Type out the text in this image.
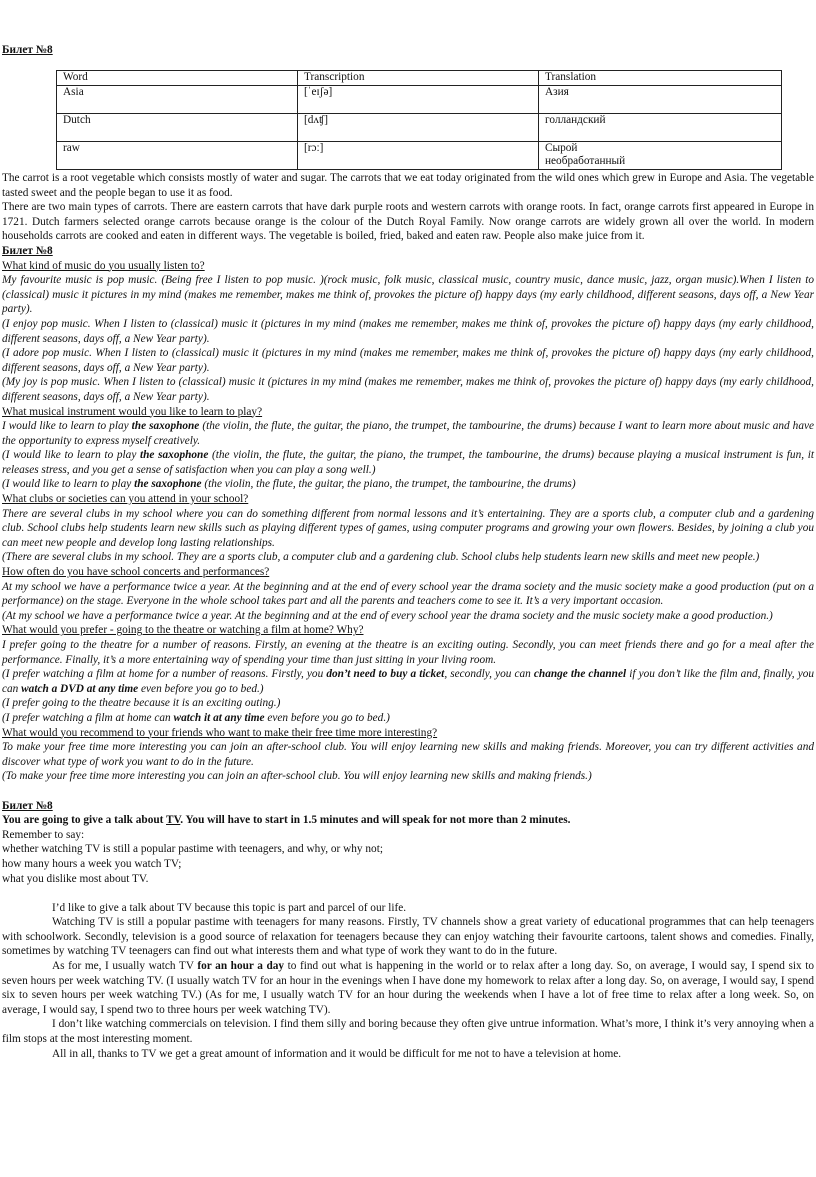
Билет №8

Word	Transcription	Translation
Asia	[ˈeɪʃə]	Азия
Dutch	[dʌʧ]	голландский
raw	[rɔː]	Сырой
необработанный

The carrot is a root vegetable which consists mostly of water and sugar. The carrots that we eat today originated from the wild ones which grew in Europe and Asia. The vegetable tasted sweet and the people began to use it as food.

There are two main types of carrots. There are eastern carrots that have dark purple roots and western carrots with orange roots. In fact, orange carrots first appeared in Europe in 1721. Dutch farmers selected orange carrots because orange is the colour of the Dutch Royal Family. Now orange carrots are widely grown all over the world. In modern households carrots are cooked and eaten in different ways. The vegetable is boiled, fried, baked and eaten raw. People also make juice from it.

Билет №8

What kind of music do you usually listen to?

My favourite music is pop music. (Being free I listen to pop music. )(rock music, folk music, classical music, country music, dance music, jazz, organ music).When I listen to (classical) music it pictures in my mind (makes me remember, makes me think of, provokes the picture of) happy days (my early childhood, different seasons, days off, a New Year party).

(I enjoy pop music. When I listen to (classical) music it (pictures in my mind (makes me remember, makes me think of, provokes the picture of) happy days (my early childhood, different seasons, days off, a New Year party).

(I adore pop music. When I listen to (classical) music it (pictures in my mind (makes me remember, makes me think of, provokes the picture of) happy days (my early childhood, different seasons, days off, a New Year party).

(My joy is pop music. When I listen to (classical) music it (pictures in my mind (makes me remember, makes me think of, provokes the picture of) happy days (my early childhood, different seasons, days off, a New Year party).

What musical instrument would you like to learn to play?

I would like to learn to play the saxophone (the violin, the flute, the guitar, the piano, the trumpet, the tambourine, the drums) because I want to learn more about music and have the opportunity to express myself creatively.

(I would like to learn to play the saxophone (the violin, the flute, the guitar, the piano, the trumpet, the tambourine, the drums) because playing a musical instrument is fun, it releases stress, and you get a sense of satisfaction when you can play a song well.)

(I would like to learn to play the saxophone (the violin, the flute, the guitar, the piano, the trumpet, the tambourine, the drums)

What clubs or societies can you attend in your school?

There are several clubs in my school where you can do something different from normal lessons and it’s entertaining. They are a sports club, a computer club and a gardening club. School clubs help students learn new skills such as playing different types of games, using computer programs and growing your own flowers. Besides, by joining a club you can meet new people and develop long lasting relationships.

(There are several clubs in my school. They are a sports club, a computer club and a gardening club. School clubs help students learn new skills and meet new people.)

How often do you have school concerts and performances?

At my school we have a performance twice a year. At the beginning and at the end of every school year the drama society and the music society make a good production (put on a performance) on the stage. Everyone in the whole school takes part and all the parents and teachers come to see it. It’s a very important occasion.

(At my school we have a performance twice a year. At the beginning and at the end of every school year the drama society and the music society make a good production.)

What would you prefer - going to the theatre or watching a film at home? Why?

I prefer going to the theatre for a number of reasons. Firstly, an evening at the theatre is an exciting outing. Secondly, you can meet friends there and go for a meal after the performance. Finally, it’s a more entertaining way of spending your time than just sitting in your living room.

(I prefer watching a film at home for a number of reasons. Firstly, you don’t need to buy a ticket, secondly, you can change the channel if you don’t like the film and, finally, you can watch a DVD at any time even before you go to bed.)

(I prefer going to the theatre because it is an exciting outing.)

(I prefer watching a film at home can watch it at any time even before you go to bed.)

What would you recommend to your friends who want to make their free time more interesting?

To make your free time more interesting you can join an after-school club. You will enjoy learning new skills and making friends. Moreover, you can try different activities and discover what type of work you want to do in the future.

(To make your free time more interesting you can join an after-school club. You will enjoy learning new skills and making friends.)

Билет №8

You are going to give a talk about TV. You will have to start in 1.5 minutes and will speak for not more than 2 minutes.

Remember to say:

whether watching TV is still a popular pastime with teenagers, and why, or why not;

how many hours a week you watch TV;

what you dislike most about TV.

I’d like to give a talk about TV because this topic is part and parcel of our life.

Watching TV is still a popular pastime with teenagers for many reasons. Firstly, TV channels show a great variety of educational programmes that can help teenagers with schoolwork. Secondly, television is a good source of relaxation for teenagers because they can enjoy watching their favourite cartoons, talent shows and comedies. Finally, sometimes by watching TV teenagers can find out what interests them and what type of work they want to do in the future.

As for me, I usually watch TV for an hour a day to find out what is happening in the world or to relax after a long day. So, on average, I would say, I spend six to seven hours per week watching TV. (I usually watch TV for an hour in the evenings when I have done my homework to relax after a long day. So, on average, I would say, I spend six to seven hours per week watching TV.) (As for me, I usually watch TV for an hour during the weekends when I have a lot of free time to relax after a long week. So, on average, I would say, I spend two to three hours per week watching TV).

I don’t like watching commercials on television. I find them silly and boring because they often give untrue information. What’s more, I think it’s very annoying when a film stops at the most interesting moment.

All in all, thanks to TV we get a great amount of information and it would be difficult for me not to have a television at home.
